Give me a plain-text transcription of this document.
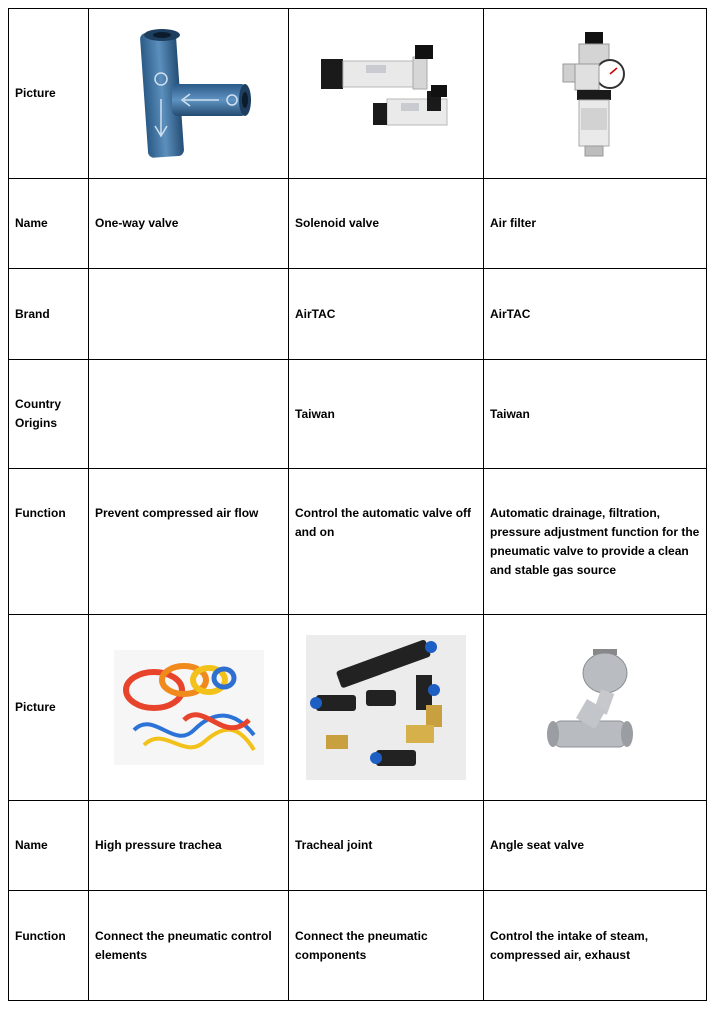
Picture	

Name	One-way valve	Solenoid valve	Air filter
Brand		AirTAC	AirTAC
Country Origins		Taiwan	Taiwan
Function	Prevent compressed air flow	Control the automatic valve off and on	Automatic drainage, filtration, pressure adjustment function for the pneumatic valve to provide a clean and stable gas source
Picture	

Name	High pressure trachea	Tracheal joint	Angle seat valve
Function	Connect the pneumatic control elements	Connect the pneumatic components	Control the intake of steam, compressed air, exhaust
